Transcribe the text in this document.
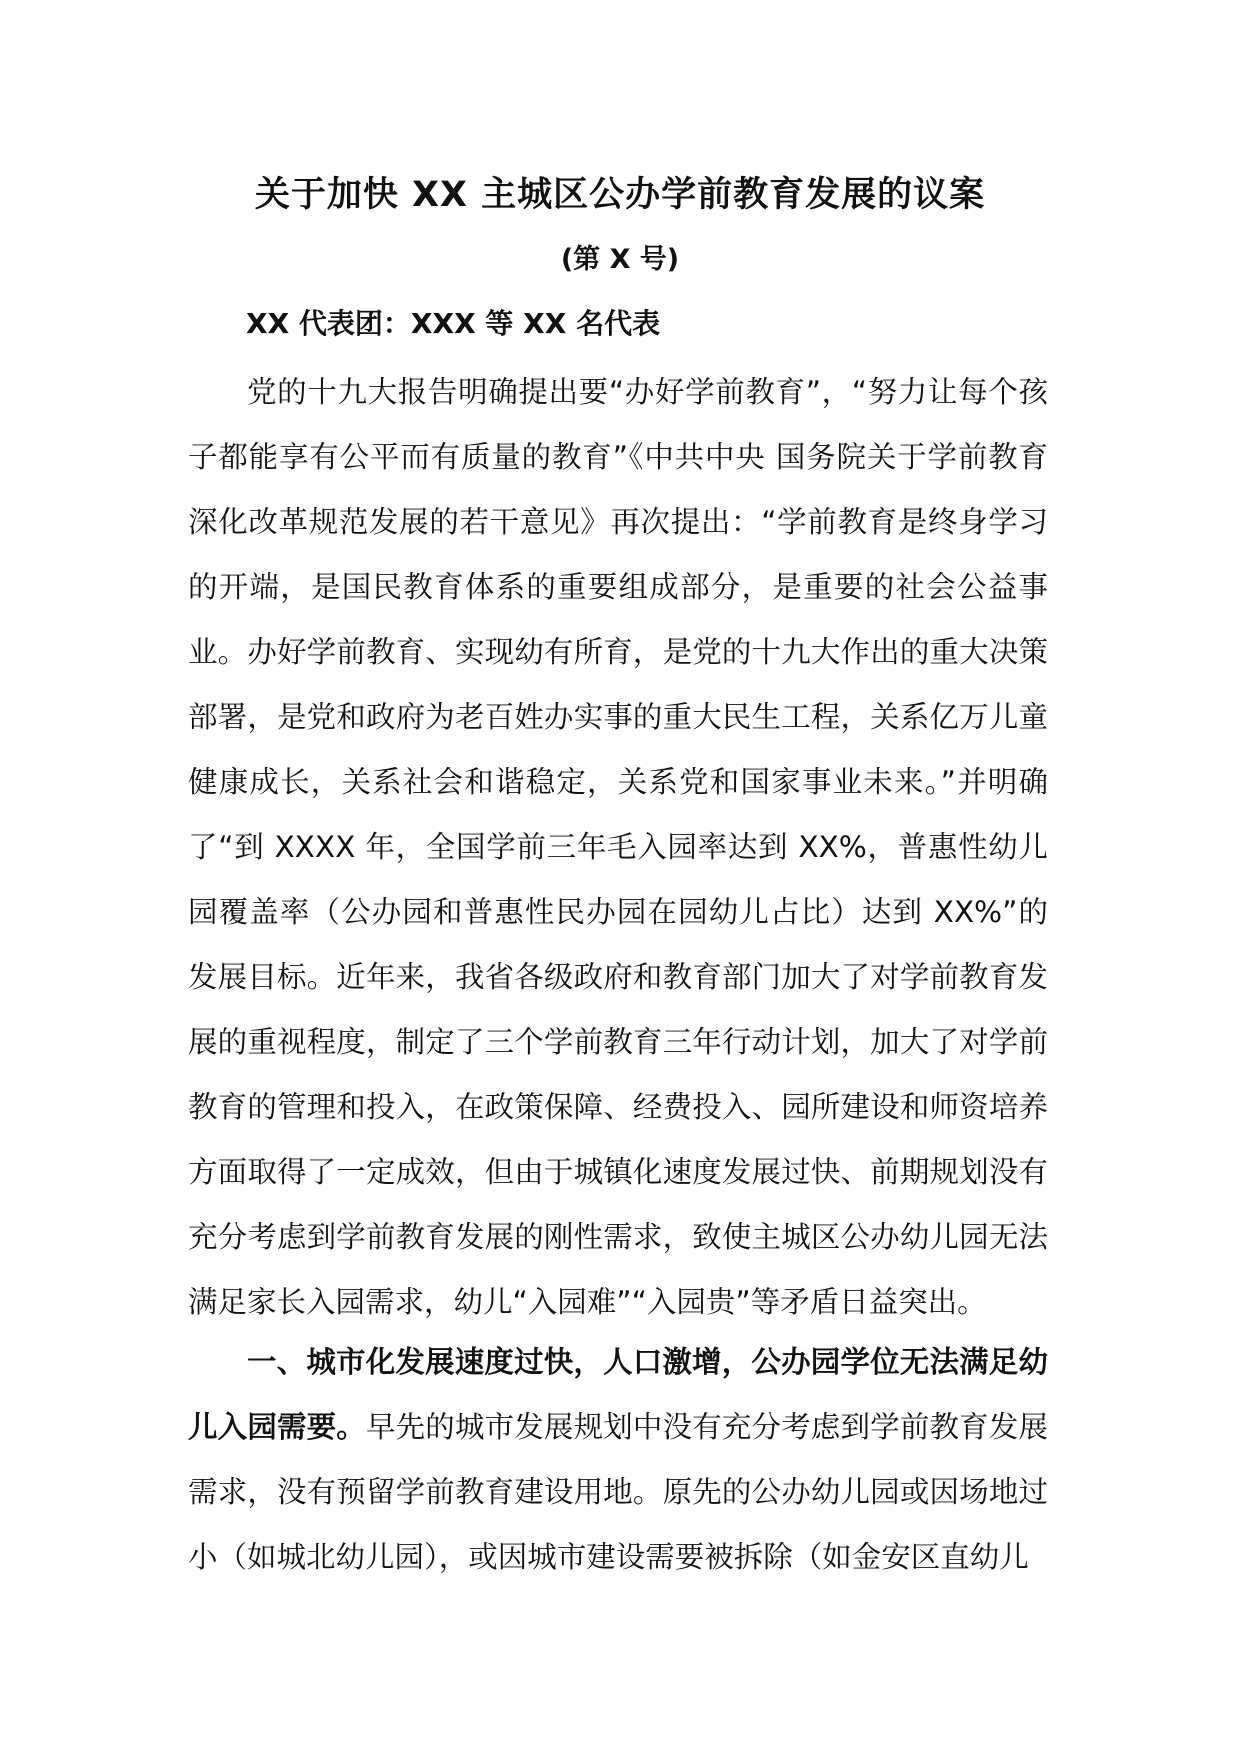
关于加快 XX 主城区公办学前教育发展的议案
(第 X 号)
XX 代表团：XXX 等 XX 名代表

党的十九大报告明确提出要“办好学前教育”，“努力让每个孩子都能享有公平而有质量的教育”《中共中央 国务院关于学前教育深化改革规范发展的若干意见》再次提出：“学前教育是终身学习的开端，是国民教育体系的重要组成部分，是重要的社会公益事业。办好学前教育、实现幼有所育，是党的十九大作出的重大决策部署，是党和政府为老百姓办实事的重大民生工程，关系亿万儿童健康成长，关系社会和谐稳定，关系党和国家事业未来。”并明确了“到 XXXX 年，全国学前三年毛入园率达到 XX%，普惠性幼儿园覆盖率（公办园和普惠性民办园在园幼儿占比）达到 XX%”的发展目标。近年来，我省各级政府和教育部门加大了对学前教育发展的重视程度，制定了三个学前教育三年行动计划，加大了对学前教育的管理和投入，在政策保障、经费投入、园所建设和师资培养方面取得了一定成效，但由于城镇化速度发展过快、前期规划没有充分考虑到学前教育发展的刚性需求，致使主城区公办幼儿园无法满足家长入园需求，幼儿“入园难”“入园贵”等矛盾日益突出。

一、城市化发展速度过快，人口激增，公办园学位无法满足幼儿入园需要。早先的城市发展规划中没有充分考虑到学前教育发展需求，没有预留学前教育建设用地。原先的公办幼儿园或因场地过小（如城北幼儿园），或因城市建设需要被拆除（如金安区直幼儿
